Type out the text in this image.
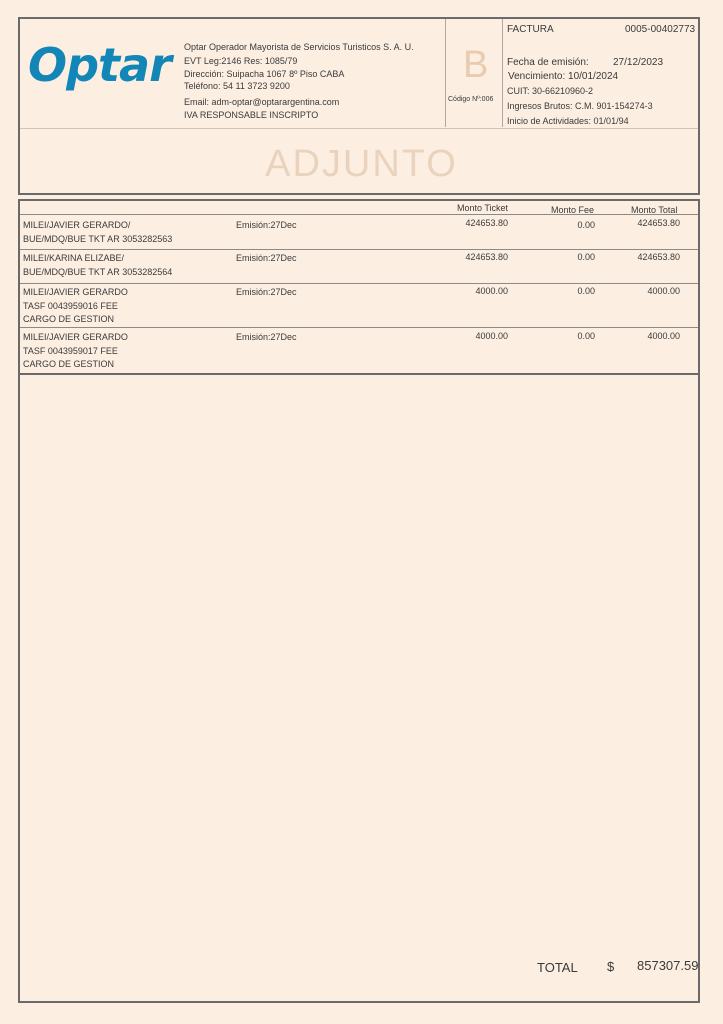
Optar Optar Operador Mayorista de Servicios Turisticos S. A. U.
EVT Leg:2146 Res: 1085/79
Dirección: Suipacha 1067 8º Piso CABA
Teléfono: 54 11 3723 9200
Email: adm-optar@optarargentina.com
IVA RESPONSABLE INSCRIPTO
B
Código Nº:006
FACTURA	0005-00402773
Fecha de emisión: 27/12/2023
Vencimiento: 10/01/2024
CUIT: 30-66210960-2
Ingresos Brutos: C.M. 901-154274-3
Inicio de Actividades: 01/01/94
ADJUNTO
Monto Ticket	Monto Fee	Monto Total
MILEI/JAVIER GERARDO/
BUE/MDQ/BUE TKT AR 3053282563
Emisión:27Dec	424653.80	0.00	424653.80
MILEI/KARINA ELIZABE/
BUE/MDQ/BUE TKT AR 3053282564
Emisión:27Dec	424653.80	0.00	424653.80
MILEI/JAVIER GERARDO
TASF 0043959016 FEE
CARGO DE GESTION
Emisión:27Dec	4000.00	0.00	4000.00
MILEI/JAVIER GERARDO
TASF 0043959017 FEE
CARGO DE GESTION
Emisión:27Dec	4000.00	0.00	4000.00
TOTAL $ 857307.59
